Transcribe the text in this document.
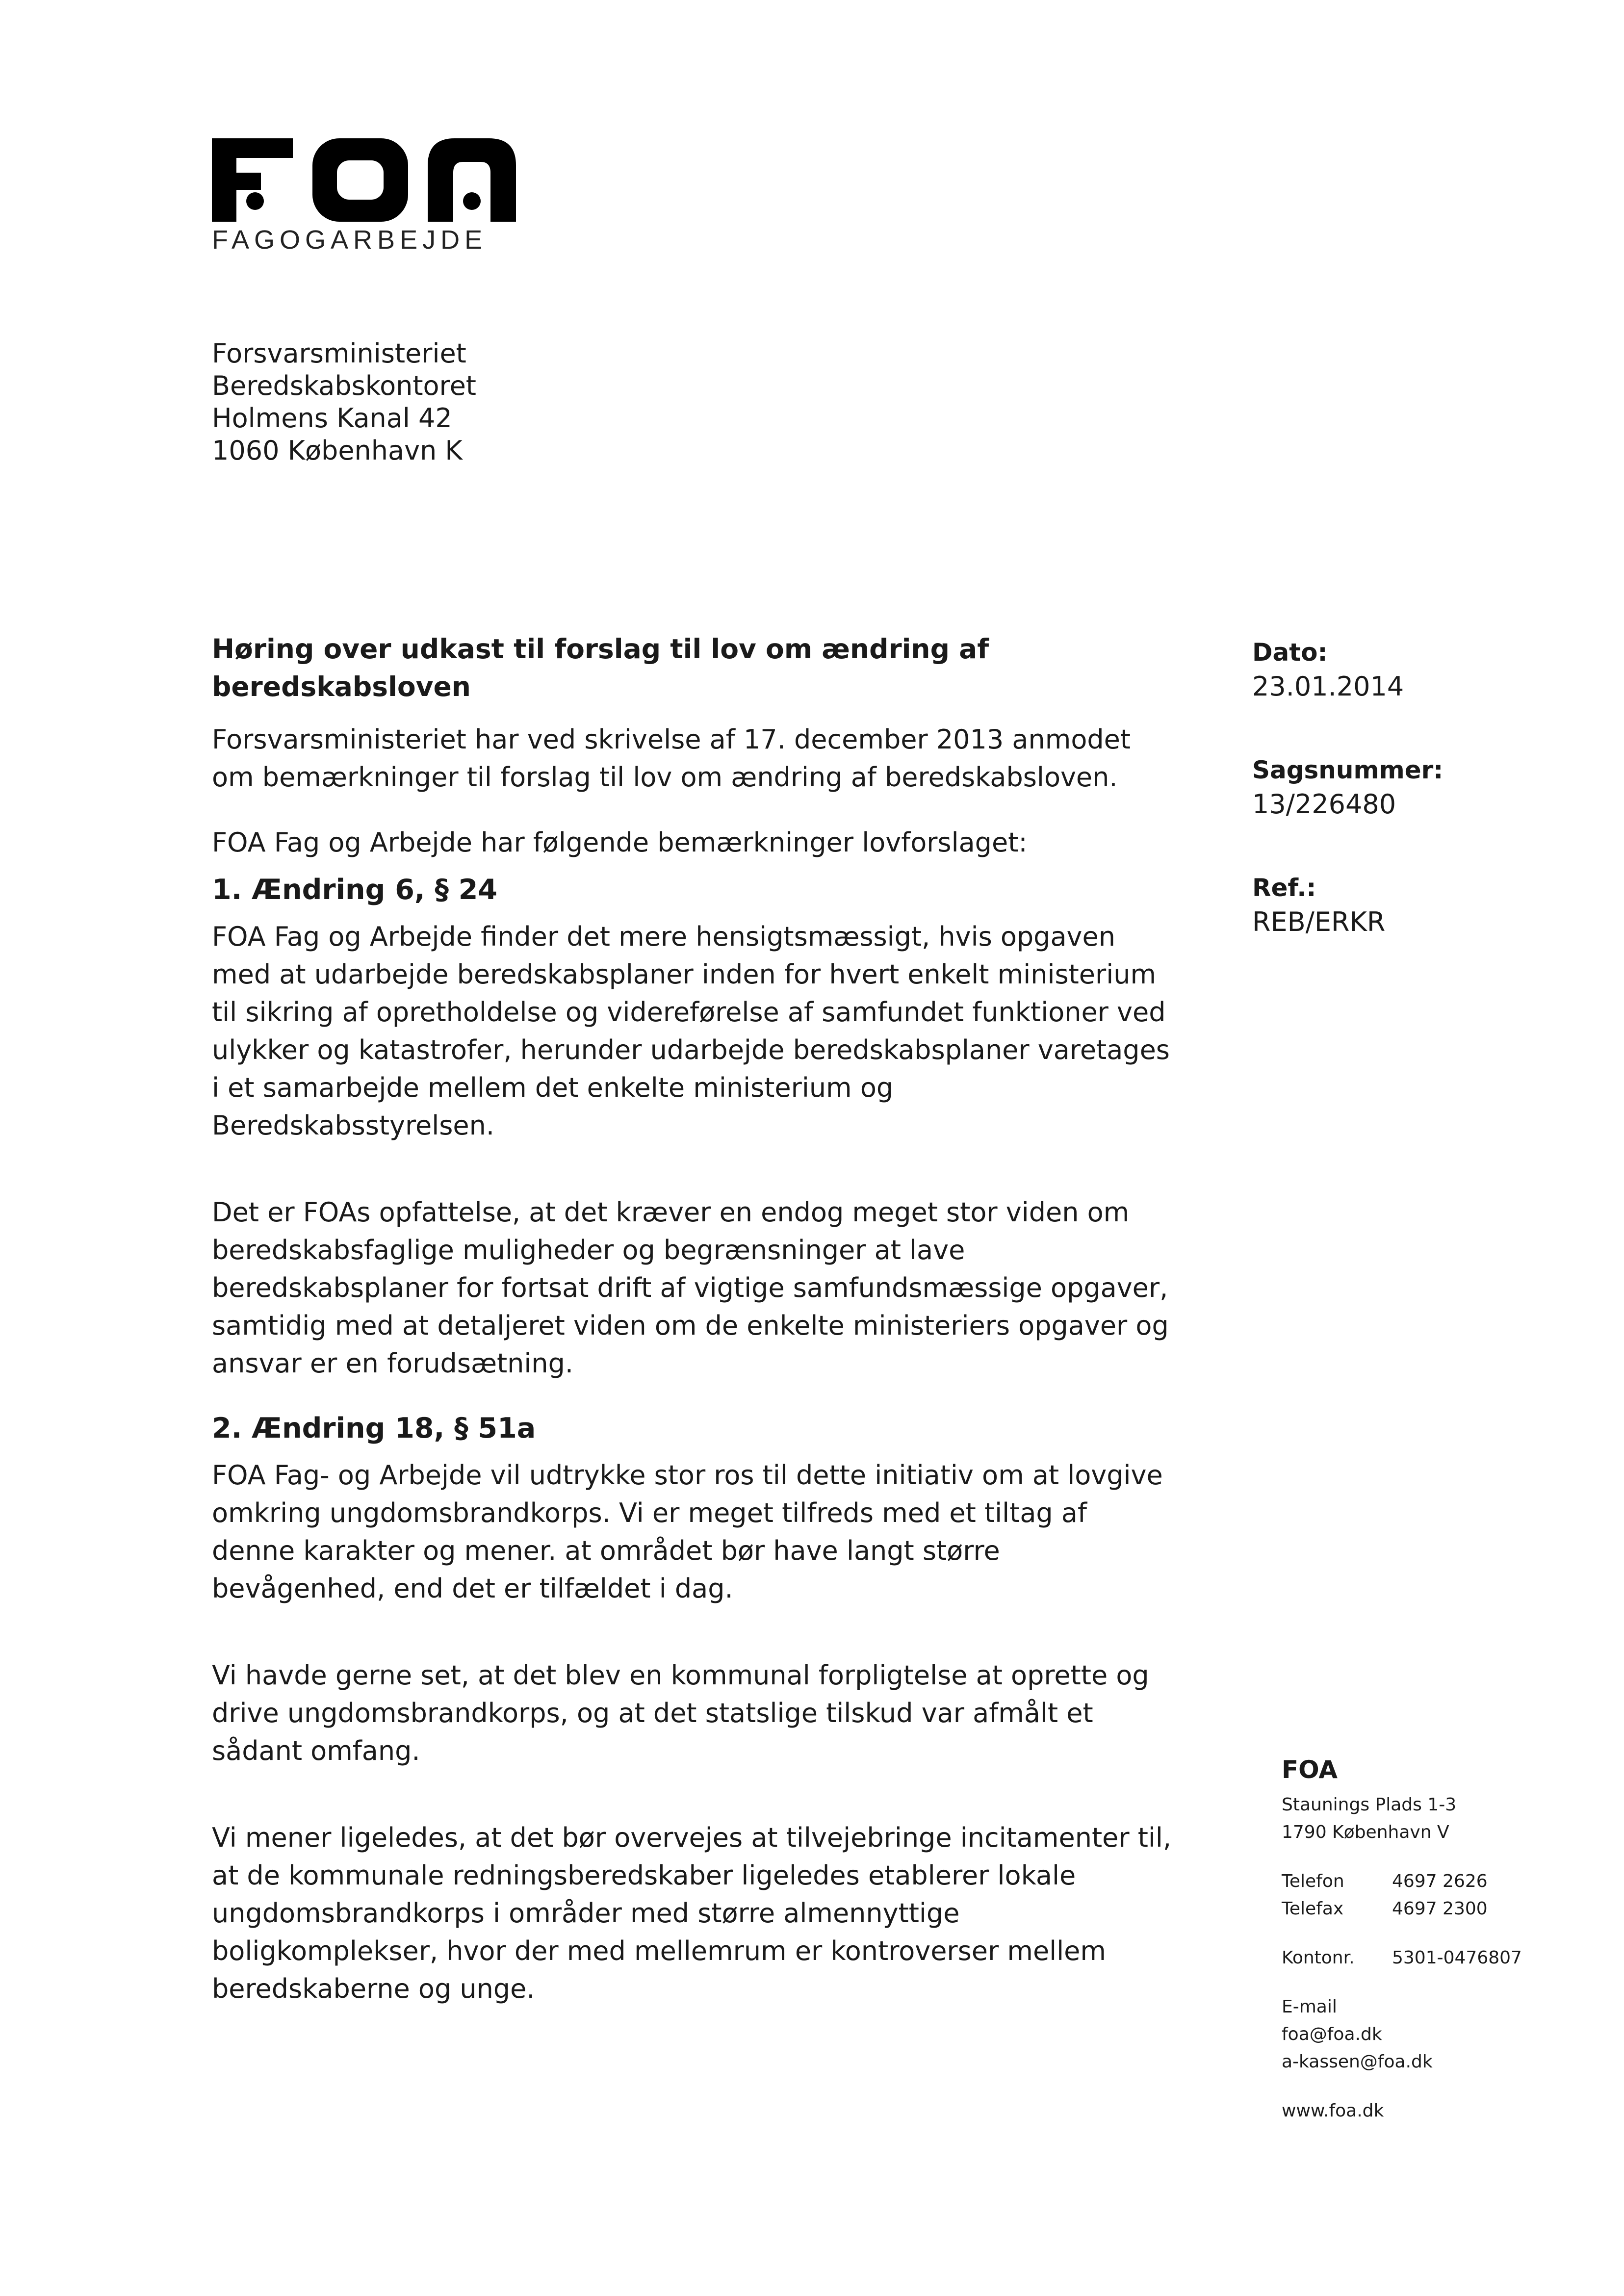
FAGOGARBEJDE
Forsvarsministeriet
Beredskabskontoret
Holmens Kanal 42
1060 København K

Høring over udkast til forslag til lov om ændring af beredskabsloven

Forsvarsministeriet har ved skrivelse af 17. december 2013 anmodet om bemærkninger til forslag til lov om ændring af beredskabsloven.

FOA Fag og Arbejde har følgende bemærkninger lovforslaget:

1. Ændring 6, § 24

FOA Fag og Arbejde finder det mere hensigtsmæssigt, hvis opgaven med at udarbejde beredskabsplaner inden for hvert enkelt ministerium til sikring af opretholdelse og videreførelse af samfundet funktioner ved ulykker og katastrofer, herunder udarbejde beredskabsplaner varetages i et samarbejde mellem det enkelte ministerium og Beredskabsstyrelsen.

Det er FOAs opfattelse, at det kræver en endog meget stor viden om beredskabsfaglige muligheder og begrænsninger at lave beredskabsplaner for fortsat drift af vigtige samfundsmæssige opgaver, samtidig med at detaljeret viden om de enkelte ministeriers opgaver og ansvar er en forudsætning.

2. Ændring 18, § 51a

FOA Fag- og Arbejde vil udtrykke stor ros til dette initiativ om at lovgive omkring ungdomsbrandkorps. Vi er meget tilfreds med et tiltag af denne karakter og mener. at området bør have langt større bevågenhed, end det er tilfældet i dag.

Vi havde gerne set, at det blev en kommunal forpligtelse at oprette og drive ungdomsbrandkorps, og at det statslige tilskud var afmålt et sådant omfang.

Vi mener ligeledes, at det bør overvejes at tilvejebringe incitamenter til, at de kommunale redningsberedskaber ligeledes etablerer lokale ungdomsbrandkorps i områder med større almennyttige boligkomplekser, hvor der med mellemrum er kontroverser mellem beredskaberne og unge.

Dato:
23.01.2014
Sagsnummer:
13/226480
Ref.:
REB/ERKR
FOA
Staunings Plads 1-3
1790 København V
Telefon	4697 2626
Telefax	4697 2300
Kontonr.	5301-0476807
E-mail
foa@foa.dk
a-kassen@foa.dk
www.foa.dk
